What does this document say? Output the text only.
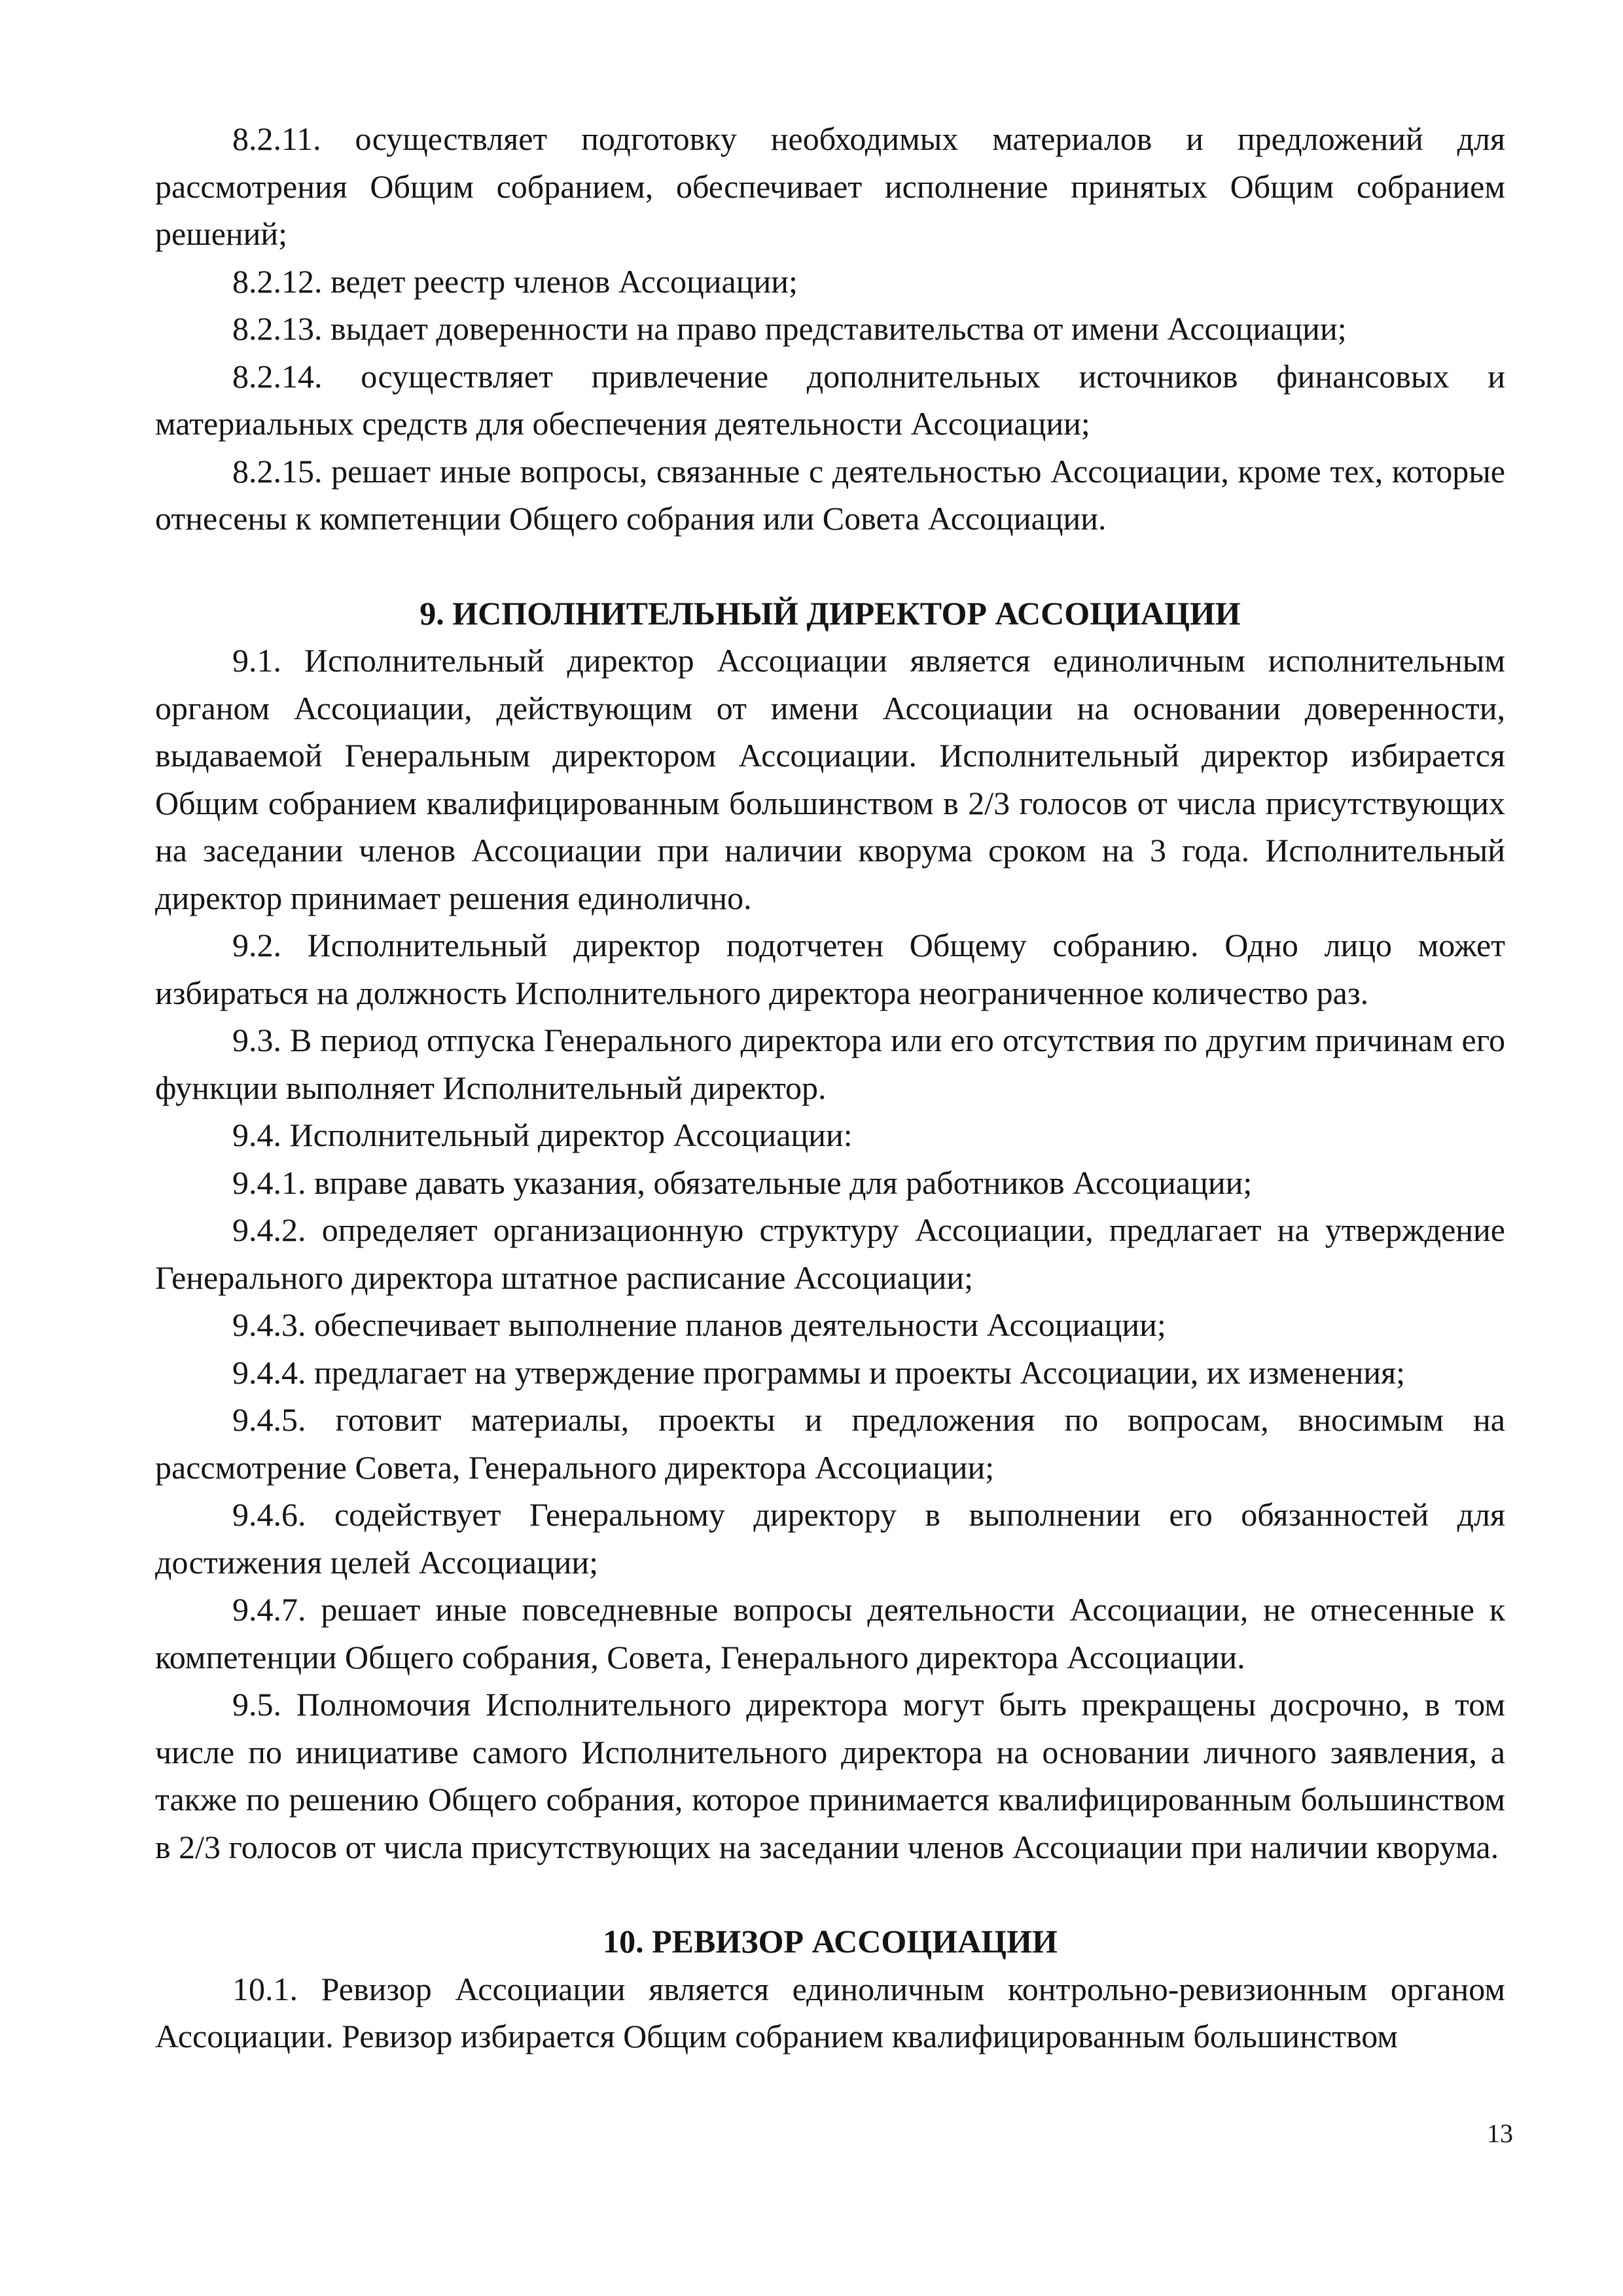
8.2.11. осуществляет подготовку необходимых материалов и предложений для рассмотрения Общим собранием, обеспечивает исполнение принятых Общим собранием решений;

8.2.12. ведет реестр членов Ассоциации;

8.2.13. выдает доверенности на право представительства от имени Ассоциации;

8.2.14. осуществляет привлечение дополнительных источников финансовых и материальных средств для обеспечения деятельности Ассоциации;

8.2.15. решает иные вопросы, связанные с деятельностью Ассоциации, кроме тех, которые отнесены к компетенции Общего собрания или Совета Ассоциации.

9. ИСПОЛНИТЕЛЬНЫЙ ДИРЕКТОР АССОЦИАЦИИ

9.1. Исполнительный директор Ассоциации является единоличным исполнительным органом Ассоциации, действующим от имени Ассоциации на основании доверенности, выдаваемой Генеральным директором Ассоциации. Исполнительный директор избирается Общим собранием квалифицированным большинством в 2/3 голосов от числа присутствующих на заседании членов Ассоциации при наличии кворума сроком на 3 года. Исполнительный директор принимает решения единолично.

9.2. Исполнительный директор подотчетен Общему собранию. Одно лицо может избираться на должность Исполнительного директора неограниченное количество раз.

9.3. В период отпуска Генерального директора или его отсутствия по другим причинам его функции выполняет Исполнительный директор.

9.4. Исполнительный директор Ассоциации:

9.4.1. вправе давать указания, обязательные для работников Ассоциации;

9.4.2. определяет организационную структуру Ассоциации, предлагает на утверждение Генерального директора штатное расписание Ассоциации;

9.4.3. обеспечивает выполнение планов деятельности Ассоциации;

9.4.4. предлагает на утверждение программы и проекты Ассоциации, их изменения;

9.4.5. готовит материалы, проекты и предложения по вопросам, вносимым на рассмотрение Совета, Генерального директора Ассоциации;

9.4.6. содействует Генеральному директору в выполнении его обязанностей для достижения целей Ассоциации;

9.4.7. решает иные повседневные вопросы деятельности Ассоциации, не отнесенные к компетенции Общего собрания, Совета, Генерального директора Ассоциации.

9.5. Полномочия Исполнительного директора могут быть прекращены досрочно, в том числе по инициативе самого Исполнительного директора на основании личного заявления, а также по решению Общего собрания, которое принимается квалифицированным большинством в 2/3 голосов от числа присутствующих на заседании членов Ассоциации при наличии кворума.

10. РЕВИЗОР АССОЦИАЦИИ

10.1. Ревизор Ассоциации является единоличным контрольно-ревизионным органом Ассоциации. Ревизор избирается Общим собранием квалифицированным большинством

13
